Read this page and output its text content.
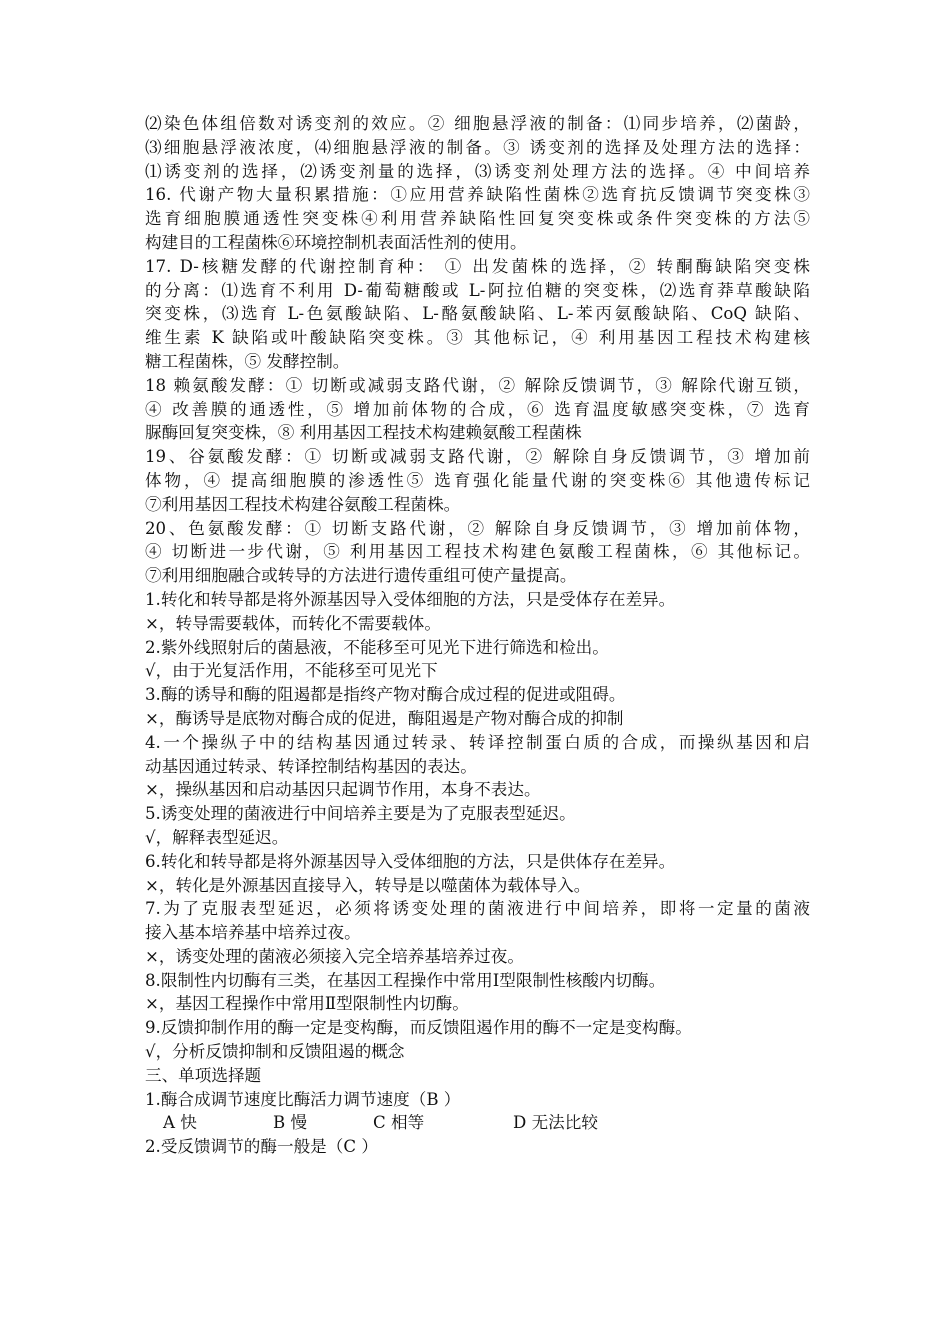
⑵染色体组倍数对诱变剂的效应。② 细胞悬浮液的制备：⑴同步培养，⑵菌龄，
⑶细胞悬浮液浓度，⑷细胞悬浮液的制备。③ 诱变剂的选择及处理方法的选择：
⑴诱变剂的选择，⑵诱变剂量的选择，⑶诱变剂处理方法的选择。④ 中间培养
16. 代谢产物大量积累措施：①应用营养缺陷性菌株②选育抗反馈调节突变株③
选育细胞膜通透性突变株④利用营养缺陷性回复突变株或条件突变株的方法⑤
构建目的工程菌株⑥环境控制机表面活性剂的使用。
17. D-核糖发酵的代谢控制育种： ① 出发菌株的选择，② 转酮酶缺陷突变株
的分离：⑴选育不利用 D-葡萄糖酸或 L-阿拉伯糖的突变株，⑵选育莽草酸缺陷
突变株，⑶选育 L-色氨酸缺陷、L-酪氨酸缺陷、L-苯丙氨酸缺陷、CoQ 缺陷、
维生素 K 缺陷或叶酸缺陷突变株。③ 其他标记，④ 利用基因工程技术构建核
糖工程菌株，⑤ 发酵控制。
18 赖氨酸发酵：① 切断或减弱支路代谢，② 解除反馈调节，③ 解除代谢互锁，
④ 改善膜的通透性，⑤ 增加前体物的合成，⑥ 选育温度敏感突变株，⑦ 选育
脲酶回复突变株，⑧ 利用基因工程技术构建赖氨酸工程菌株
19、谷氨酸发酵：① 切断或减弱支路代谢，② 解除自身反馈调节，③ 增加前
体物，④ 提高细胞膜的渗透性⑤ 选育强化能量代谢的突变株⑥ 其他遗传标记
⑦利用基因工程技术构建谷氨酸工程菌株。
20、色氨酸发酵：① 切断支路代谢，② 解除自身反馈调节，③ 增加前体物，
④ 切断进一步代谢，⑤ 利用基因工程技术构建色氨酸工程菌株，⑥ 其他标记。
⑦利用细胞融合或转导的方法进行遗传重组可使产量提高。
1.转化和转导都是将外源基因导入受体细胞的方法，只是受体存在差异。
×，转导需要载体，而转化不需要载体。
2.紫外线照射后的菌悬液，不能移至可见光下进行筛选和检出。
√，由于光复活作用，不能移至可见光下
3.酶的诱导和酶的阻遏都是指终产物对酶合成过程的促进或阻碍。
×，酶诱导是底物对酶合成的促进，酶阻遏是产物对酶合成的抑制
4.一个操纵子中的结构基因通过转录、转译控制蛋白质的合成，而操纵基因和启
动基因通过转录、转译控制结构基因的表达。
×，操纵基因和启动基因只起调节作用，本身不表达。
5.诱变处理的菌液进行中间培养主要是为了克服表型延迟。
√，解释表型延迟。
6.转化和转导都是将外源基因导入受体细胞的方法，只是供体存在差异。
×，转化是外源基因直接导入，转导是以噬菌体为载体导入。
7.为了克服表型延迟，必须将诱变处理的菌液进行中间培养，即将一定量的菌液
接入基本培养基中培养过夜。
×，诱变处理的菌液必须接入完全培养基培养过夜。
8.限制性内切酶有三类，在基因工程操作中常用Ⅰ型限制性核酸内切酶。
×，基因工程操作中常用Ⅱ型限制性内切酶。
9.反馈抑制作用的酶一定是变构酶，而反馈阻遏作用的酶不一定是变构酶。
√，分析反馈抑制和反馈阻遏的概念
三、单项选择题
1.酶合成调节速度比酶活力调节速度（B ）
A 快	B 慢	C 相等	D 无法比较
2.受反馈调节的酶一般是（C ）
